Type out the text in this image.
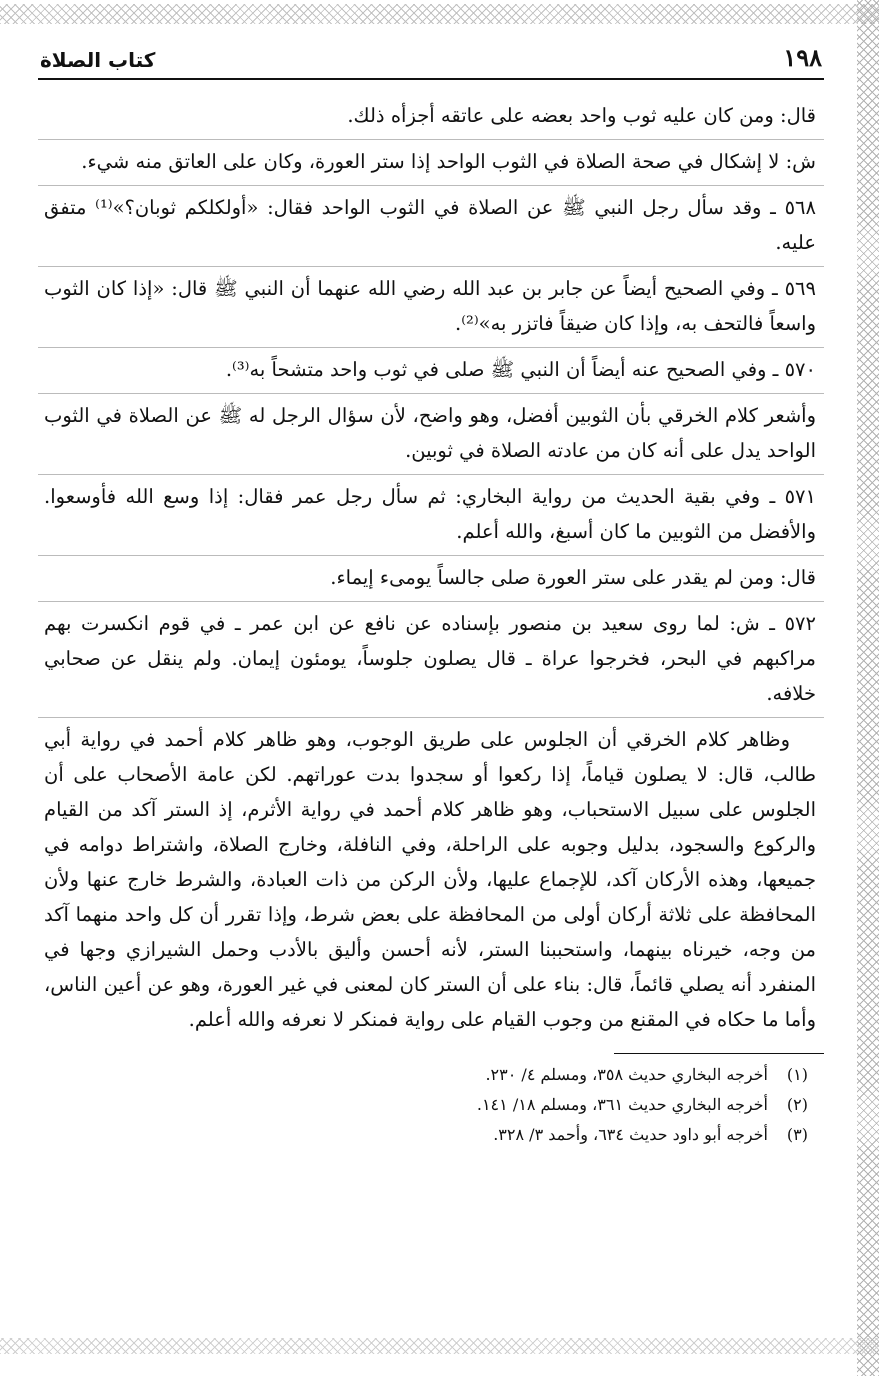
١٩٨
كتاب الصلاة

قال: ومن كان عليه ثوب واحد بعضه على عاتقه أجزأه ذلك.

ش: لا إشكال في صحة الصلاة في الثوب الواحد إذا ستر العورة، وكان على العاتق منه شيء.

٥٦٨ ـ وقد سأل رجل النبي ﷺ عن الصلاة في الثوب الواحد فقال: «أولكلكم ثوبان؟»⁽¹⁾ متفق عليه.

٥٦٩ ـ وفي الصحيح أيضاً عن جابر بن عبد الله رضي الله عنهما أن النبي ﷺ قال: «إذا كان الثوب واسعاً فالتحف به، وإذا كان ضيقاً فاتزر به»⁽²⁾.

٥٧٠ ـ وفي الصحيح عنه أيضاً أن النبي ﷺ صلى في ثوب واحد متشحاً به⁽³⁾.

وأشعر كلام الخرقي بأن الثوبين أفضل، وهو واضح، لأن سؤال الرجل له ﷺ عن الصلاة في الثوب الواحد يدل على أنه كان من عادته الصلاة في ثوبين.

٥٧١ ـ وفي بقية الحديث من رواية البخاري: ثم سأل رجل عمر فقال: إذا وسع الله فأوسعوا. والأفضل من الثوبين ما كان أسبغ، والله أعلم.

قال: ومن لم يقدر على ستر العورة صلى جالساً يومىء إيماء.

٥٧٢ ـ ش: لما روى سعيد بن منصور بإسناده عن نافع عن ابن عمر ـ في قوم انكسرت بهم مراكبهم في البحر، فخرجوا عراة ـ قال يصلون جلوساً، يومئون إيمان. ولم ينقل عن صحابي خلافه.

وظاهر كلام الخرقي أن الجلوس على طريق الوجوب، وهو ظاهر كلام أحمد في رواية أبي طالب، قال: لا يصلون قياماً، إذا ركعوا أو سجدوا بدت عوراتهم. لكن عامة الأصحاب على أن الجلوس على سبيل الاستحباب، وهو ظاهر كلام أحمد في رواية الأثرم، إذ الستر آكد من القيام والركوع والسجود، بدليل وجوبه على الراحلة، وفي النافلة، وخارج الصلاة، واشتراط دوامه في جميعها، وهذه الأركان آكد، للإجماع عليها، ولأن الركن من ذات العبادة، والشرط خارج عنها ولأن المحافظة على ثلاثة أركان أولى من المحافظة على بعض شرط، وإذا تقرر أن كل واحد منهما آكد من وجه، خيرناه بينهما، واستحببنا الستر، لأنه أحسن وأليق بالأدب وحمل الشيرازي وجها في المنفرد أنه يصلي قائماً، قال: بناء على أن الستر كان لمعنى في غير العورة، وهو عن أعين الناس، وأما ما حكاه في المقنع من وجوب القيام على رواية فمنكر لا نعرفه والله أعلم.

(١)أخرجه البخاري حديث ٣٥٨، ومسلم ٤/ ٢٣٠.
(٢)أخرجه البخاري حديث ٣٦١، ومسلم ١٨/ ١٤١.
(٣)أخرجه أبو داود حديث ٦٣٤، وأحمد ٣/ ٣٢٨.
